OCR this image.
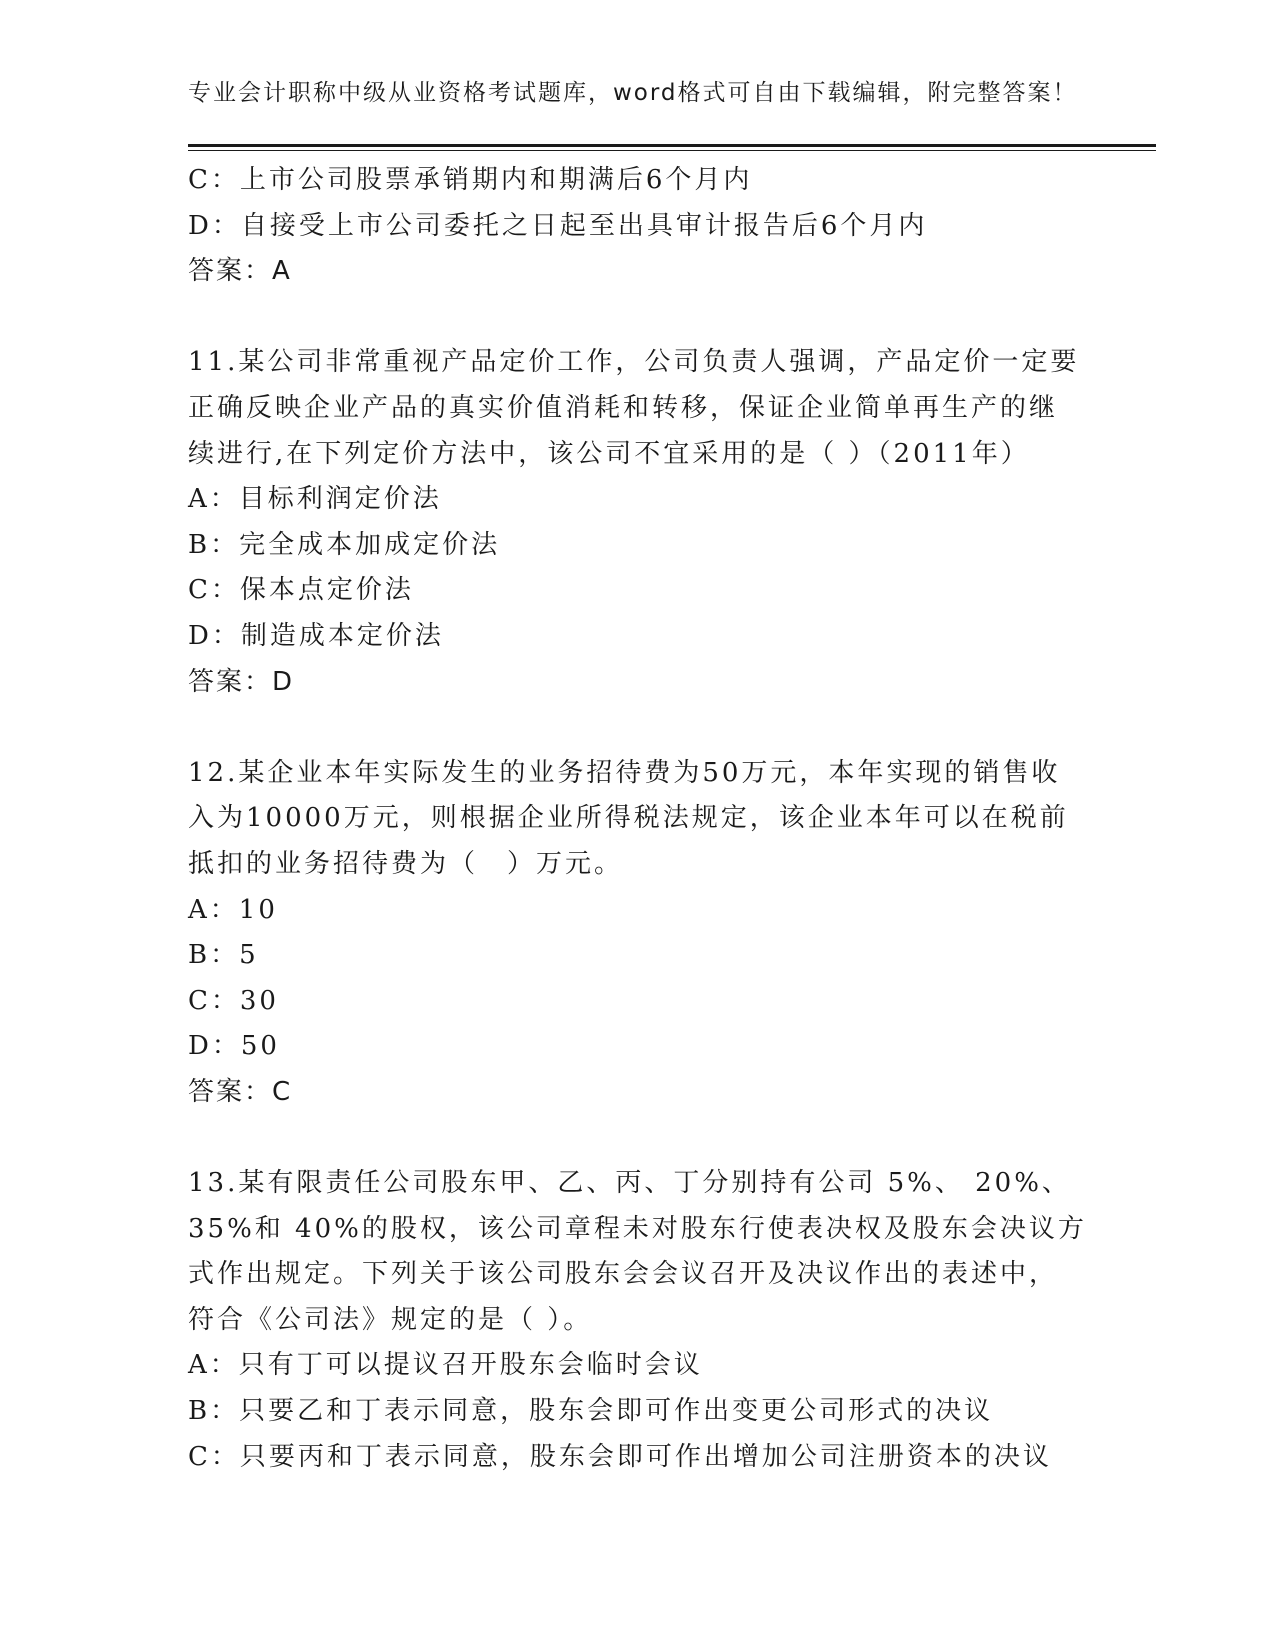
专业会计职称中级从业资格考试题库，word格式可自由下载编辑，附完整答案！
C：上市公司股票承销期内和期满后6个月内
D：自接受上市公司委托之日起至出具审计报告后6个月内
答案：A
11.某公司非常重视产品定价工作，公司负责人强调，产品定价一定要
正确反映企业产品的真实价值消耗和转移，保证企业简单再生产的继
续进行,在下列定价方法中，该公司不宜采用的是（ ）（2011年）
A：目标利润定价法
B：完全成本加成定价法
C：保本点定价法
D：制造成本定价法
答案：D
12.某企业本年实际发生的业务招待费为50万元，本年实现的销售收
入为10000万元，则根据企业所得税法规定，该企业本年可以在税前
抵扣的业务招待费为（　）万元。
A：10
B：5
C：30
D：50
答案：C
13.某有限责任公司股东甲、乙、丙、丁分别持有公司 5%、 20%、
35%和 40%的股权，该公司章程未对股东行使表决权及股东会决议方
式作出规定。下列关于该公司股东会会议召开及决议作出的表述中，
符合《公司法》规定的是（ ）。
A：只有丁可以提议召开股东会临时会议
B：只要乙和丁表示同意，股东会即可作出变更公司形式的决议
C：只要丙和丁表示同意，股东会即可作出增加公司注册资本的决议
